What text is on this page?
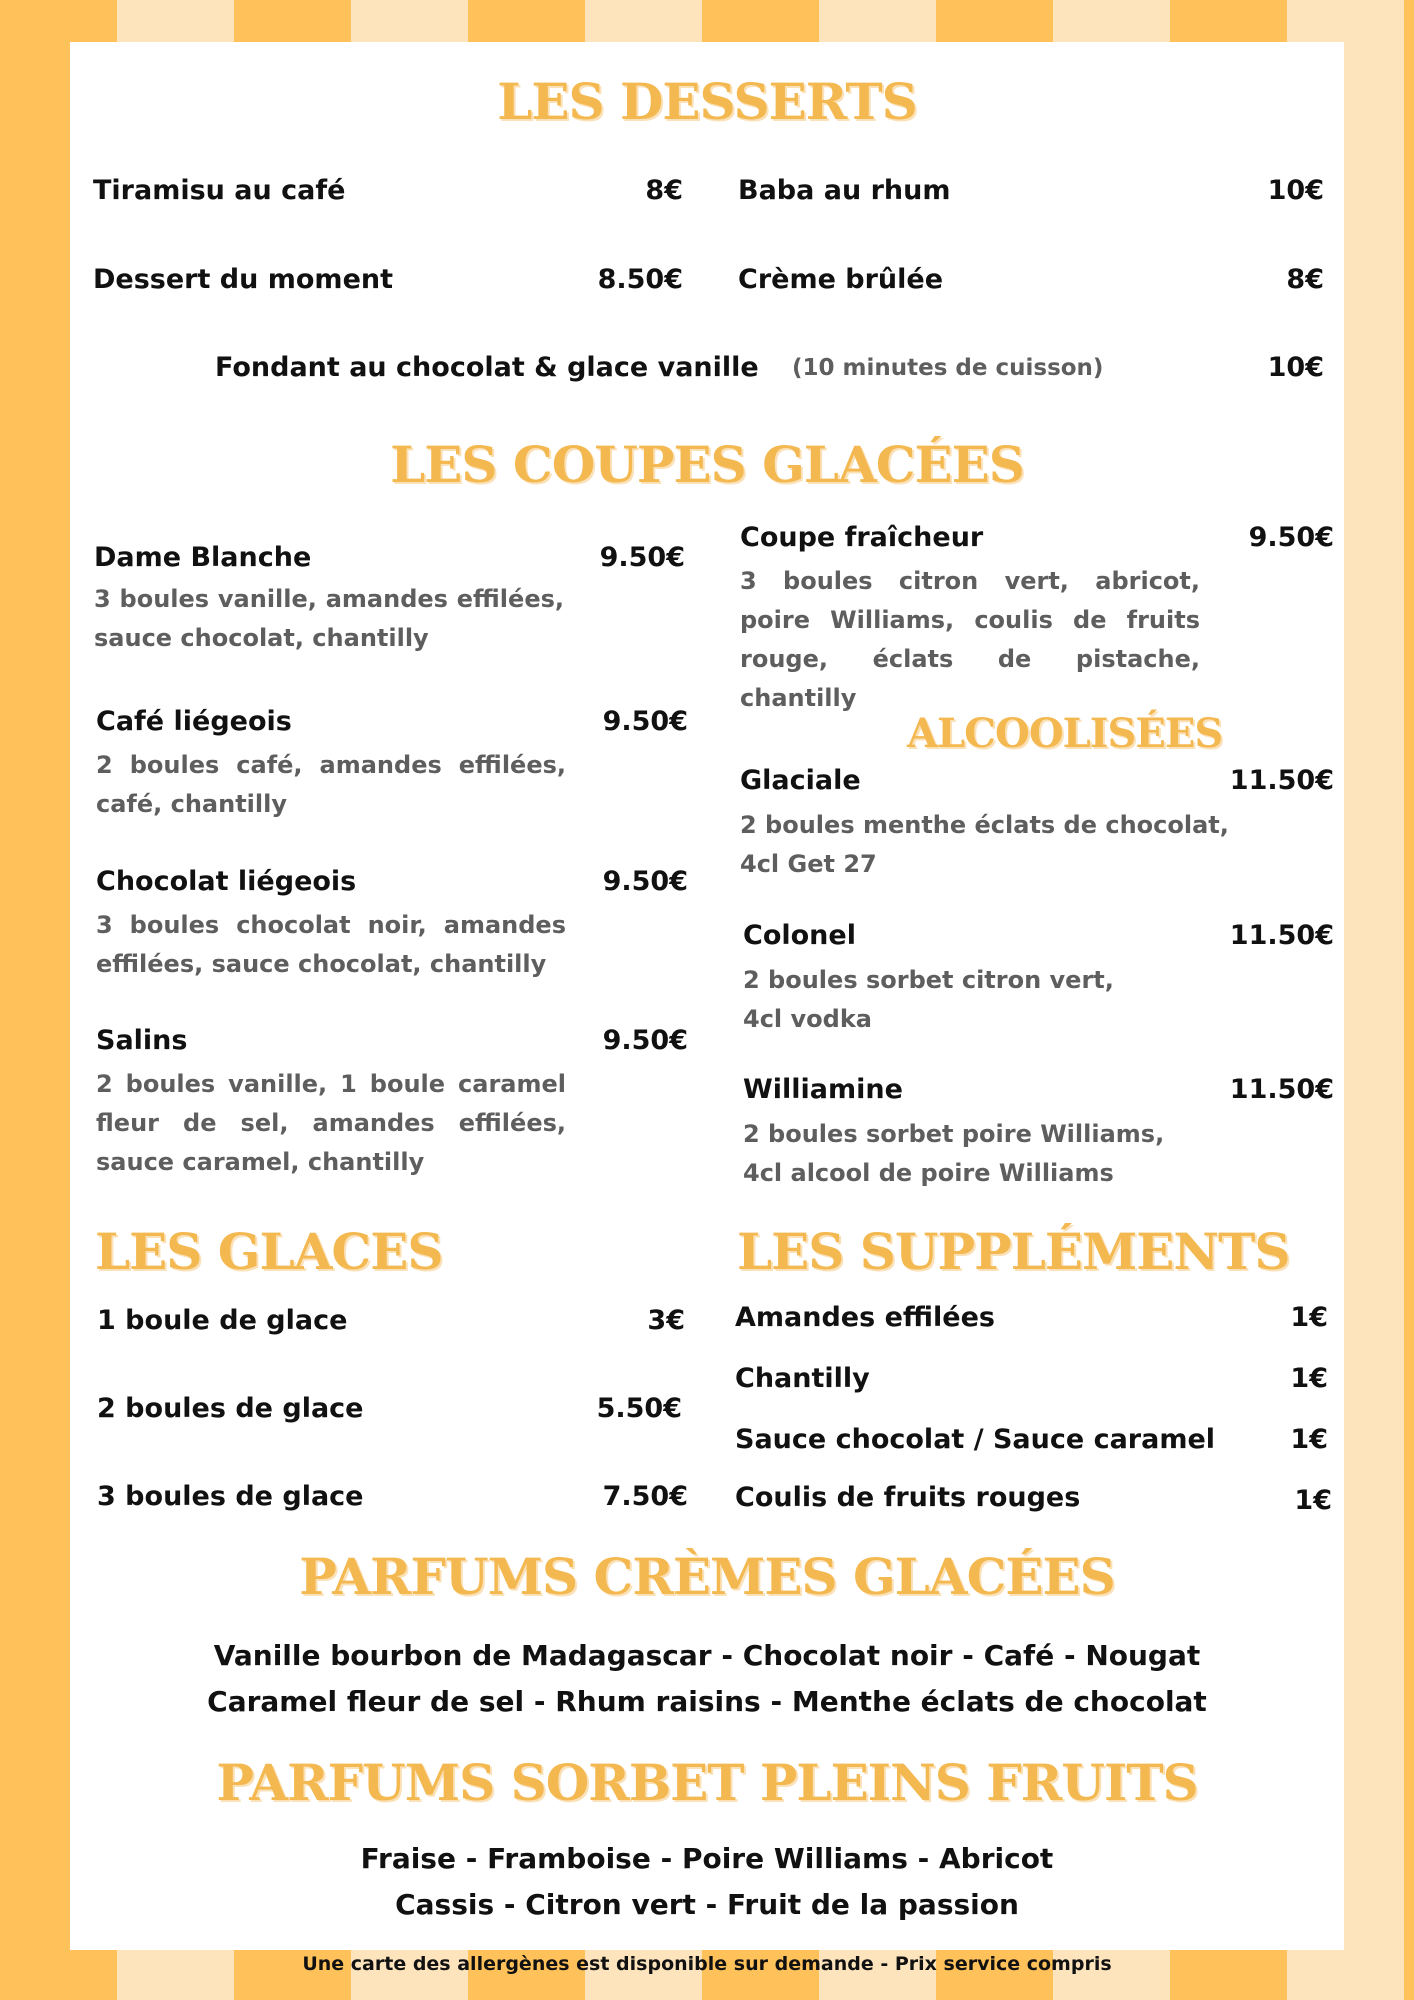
LES DESSERTS
Tiramisu au café	8€ Baba au rhum	10€
Dessert du moment	8.50€ Crème brûlée	8€
Fondant au chocolat & glace vanille (10 minutes de cuisson)	10€
LES COUPES GLACÉES
Dame Blanche	9.50€
3 boules vanille, amandes effilées, sauce chocolat, chantilly
Café liégeois	9.50€
2 boules café, amandes effilées, café, chantilly
Chocolat liégeois	9.50€
3 boules chocolat noir, amandes effilées, sauce chocolat, chantilly
Salins	9.50€
2 boules vanille, 1 boule caramel fleur de sel, amandes effilées, sauce caramel, chantilly
Coupe fraîcheur	9.50€
3 boules citron vert, abricot, poire Williams, coulis de fruits rouge, éclats de pistache, chantilly
ALCOOLISÉES
Glaciale	11.50€
2 boules menthe éclats de chocolat, 4cl Get 27
Colonel	11.50€
2 boules sorbet citron vert,
4cl vodka
Williamine	11.50€
2 boules sorbet poire Williams,
4cl alcool de poire Williams
LES GLACES
1 boule de glace	3€
2 boules de glace	5.50€
3 boules de glace	7.50€
LES SUPPLÉMENTS
Amandes effilées	1€
Chantilly	1€
Sauce chocolat / Sauce caramel	1€
Coulis de fruits rouges	1€
PARFUMS CRÈMES GLACÉES
Vanille bourbon de Madagascar - Chocolat noir - Café - Nougat
Caramel fleur de sel - Rhum raisins - Menthe éclats de chocolat
PARFUMS SORBET PLEINS FRUITS
Fraise - Framboise - Poire Williams - Abricot
Cassis - Citron vert - Fruit de la passion
Une carte des allergènes est disponible sur demande - Prix service compris
